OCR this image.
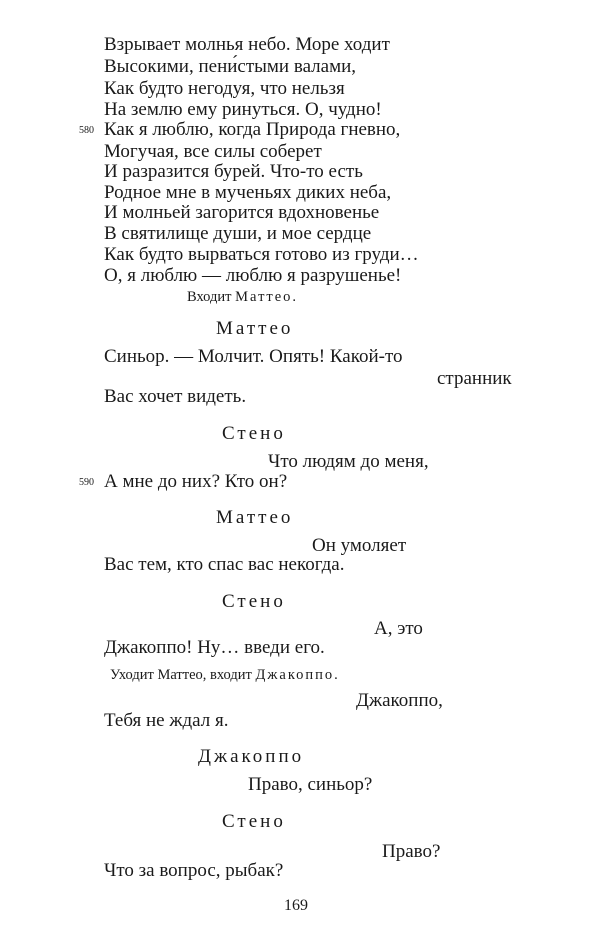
Взрывает молнья небо. Море ходит
Высокими, пени́стыми валами,
Как будто негодуя, что нельзя
На землю ему ринуться. О, чудно!
Как я люблю, когда Природа гневно,
Могучая, все силы соберет
И разразится бурей. Что-то есть
Родное мне в мученьях диких неба,
И молньей загорится вдохновенье
В святилище души, и мое сердце
Как будто вырваться готово из груди…
О, я люблю — люблю я разрушенье!
580
Входит Маттео.
Маттео
Синьор. — Молчит. Опять! Какой-то
странник
Вас хочет видеть.
Стено
Что людям до меня,
590 А мне до них? Кто он?
Маттео
Он умоляет
Вас тем, кто спас вас некогда.
Стено
А, это
Джакоппо! Ну… введи его.
Уходит Маттео, входит Джакоппо.
Джакоппо,
Тебя не ждал я.
Джакоппо
Право, синьор?
Стено
Право?
Что за вопрос, рыбак?
169
